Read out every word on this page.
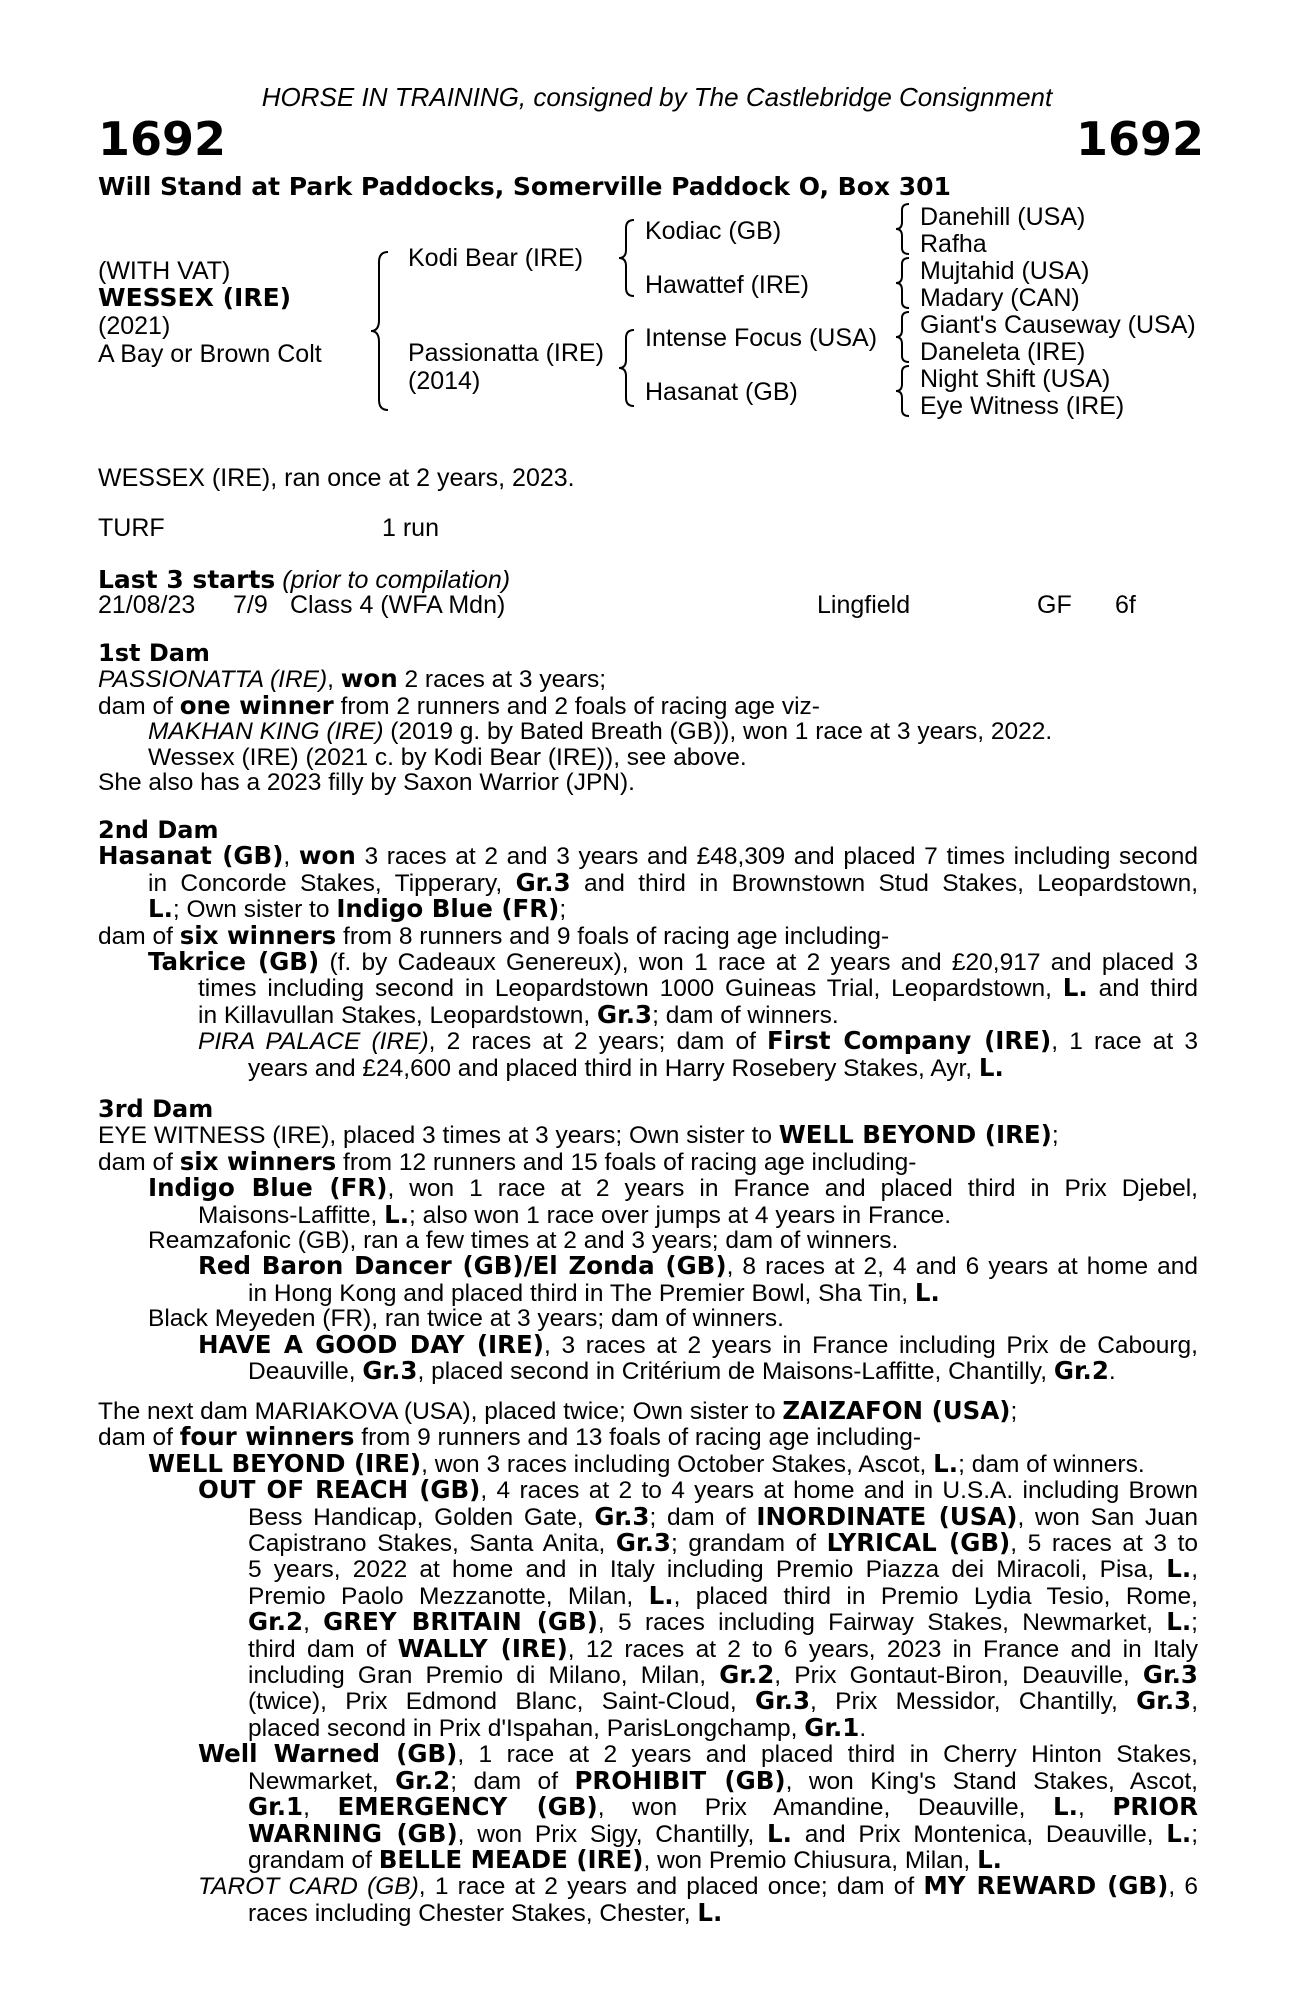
HORSE IN TRAINING, consigned by The Castlebridge Consignment
1692	1692
Will Stand at Park Paddocks, Somerville Paddock O, Box 301
(WITH VAT)
WESSEX (IRE)
(2021)
A Bay or Brown Colt
Kodi Bear (IRE)
Passionatta (IRE)
(2014)
Kodiac (GB)
Hawattef (IRE)
Intense Focus (USA)
Hasanat (GB)
Danehill (USA)
Rafha
Mujtahid (USA)
Madary (CAN)
Giant's Causeway (USA)
Daneleta (IRE)
Night Shift (USA)
Eye Witness (IRE)
WESSEX (IRE), ran once at 2 years, 2023.
TURF	1 run
Last 3 starts (prior to compilation)
21/08/23 7/9 Class 4 (WFA Mdn)	Lingfield	GF 6f
1st Dam
PASSIONATTA (IRE), won 2 races at 3 years;
dam of one winner from 2 runners and 2 foals of racing age viz-
MAKHAN KING (IRE) (2019 g. by Bated Breath (GB)), won 1 race at 3 years, 2022.
Wessex (IRE) (2021 c. by Kodi Bear (IRE)), see above.
She also has a 2023 filly by Saxon Warrior (JPN).
2nd Dam
Hasanat (GB), won 3 races at 2 and 3 years and £48,309 and placed 7 times including second
in Concorde Stakes, Tipperary, Gr.3 and third in Brownstown Stud Stakes, Leopardstown,
L.; Own sister to Indigo Blue (FR);
dam of six winners from 8 runners and 9 foals of racing age including-
Takrice (GB) (f. by Cadeaux Genereux), won 1 race at 2 years and £20,917 and placed 3
times including second in Leopardstown 1000 Guineas Trial, Leopardstown, L. and third
in Killavullan Stakes, Leopardstown, Gr.3; dam of winners.
PIRA PALACE (IRE), 2 races at 2 years; dam of First Company (IRE), 1 race at 3
years and £24,600 and placed third in Harry Rosebery Stakes, Ayr, L.
3rd Dam
EYE WITNESS (IRE), placed 3 times at 3 years; Own sister to WELL BEYOND (IRE);
dam of six winners from 12 runners and 15 foals of racing age including-
Indigo Blue (FR), won 1 race at 2 years in France and placed third in Prix Djebel,
Maisons-Laffitte, L.; also won 1 race over jumps at 4 years in France.
Reamzafonic (GB), ran a few times at 2 and 3 years; dam of winners.
Red Baron Dancer (GB)/El Zonda (GB), 8 races at 2, 4 and 6 years at home and
in Hong Kong and placed third in The Premier Bowl, Sha Tin, L.
Black Meyeden (FR), ran twice at 3 years; dam of winners.
HAVE A GOOD DAY (IRE), 3 races at 2 years in France including Prix de Cabourg,
Deauville, Gr.3, placed second in Critérium de Maisons-Laffitte, Chantilly, Gr.2.
The next dam MARIAKOVA (USA), placed twice; Own sister to ZAIZAFON (USA);
dam of four winners from 9 runners and 13 foals of racing age including-
WELL BEYOND (IRE), won 3 races including October Stakes, Ascot, L.; dam of winners.
OUT OF REACH (GB), 4 races at 2 to 4 years at home and in U.S.A. including Brown
Bess Handicap, Golden Gate, Gr.3; dam of INORDINATE (USA), won San Juan
Capistrano Stakes, Santa Anita, Gr.3; grandam of LYRICAL (GB), 5 races at 3 to
5 years, 2022 at home and in Italy including Premio Piazza dei Miracoli, Pisa, L.,
Premio Paolo Mezzanotte, Milan, L., placed third in Premio Lydia Tesio, Rome,
Gr.2, GREY BRITAIN (GB), 5 races including Fairway Stakes, Newmarket, L.;
third dam of WALLY (IRE), 12 races at 2 to 6 years, 2023 in France and in Italy
including Gran Premio di Milano, Milan, Gr.2, Prix Gontaut-Biron, Deauville, Gr.3
(twice), Prix Edmond Blanc, Saint-Cloud, Gr.3, Prix Messidor, Chantilly, Gr.3,
placed second in Prix d'Ispahan, ParisLongchamp, Gr.1.
Well Warned (GB), 1 race at 2 years and placed third in Cherry Hinton Stakes,
Newmarket, Gr.2; dam of PROHIBIT (GB), won King's Stand Stakes, Ascot,
Gr.1, EMERGENCY (GB), won Prix Amandine, Deauville, L., PRIOR
WARNING (GB), won Prix Sigy, Chantilly, L. and Prix Montenica, Deauville, L.;
grandam of BELLE MEADE (IRE), won Premio Chiusura, Milan, L.
TAROT CARD (GB), 1 race at 2 years and placed once; dam of MY REWARD (GB), 6
races including Chester Stakes, Chester, L.
